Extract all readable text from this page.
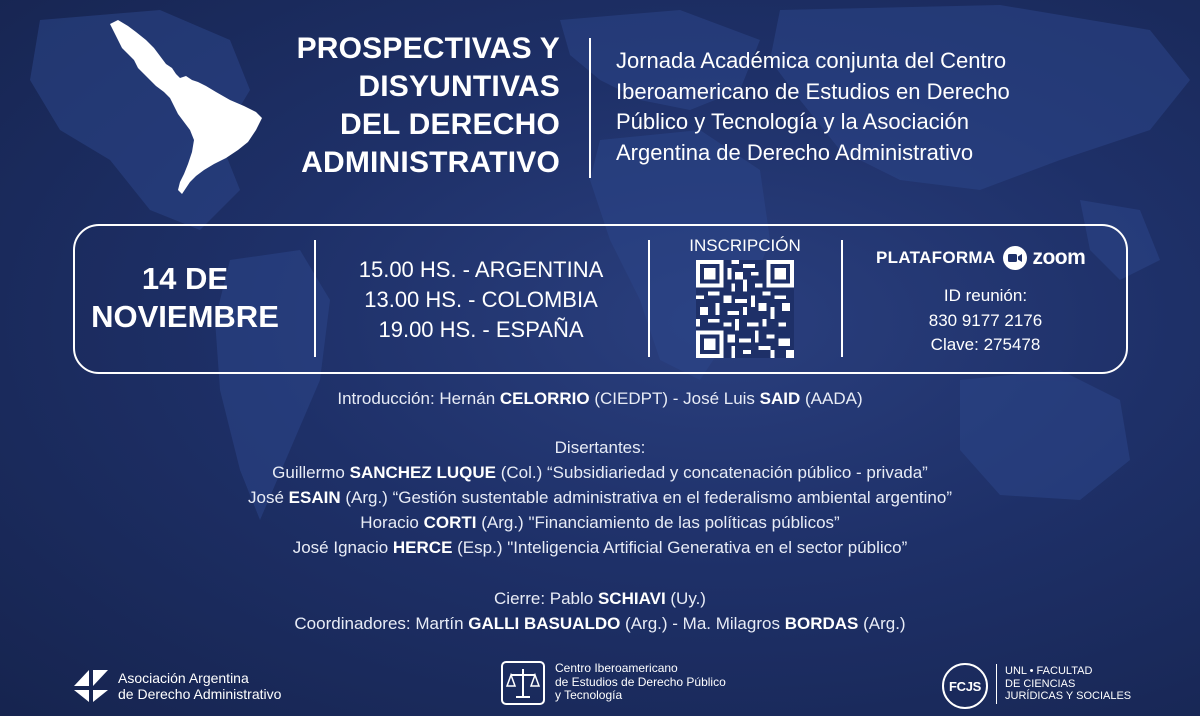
PROSPECTIVAS Y
DISYUNTIVAS
DEL DERECHO
ADMINISTRATIVO
Jornada Académica conjunta del Centro
Iberoamericano de Estudios en Derecho
Público y Tecnología y la Asociación
Argentina de Derecho Administrativo
14 DE
NOVIEMBRE
15.00 HS. - ARGENTINA
13.00 HS. - COLOMBIA
19.00 HS. - ESPAÑA
INSCRIPCIÓN
PLATAFORMA zoom
ID reunión:
830 9177 2176
Clave: 275478
Introducción: Hernán CELORRIO (CIEDPT) - José Luis SAID (AADA)
Disertantes:
Guillermo SANCHEZ LUQUE (Col.) “Subsidiariedad y concatenación público - privada”
José ESAIN (Arg.) “Gestión sustentable administrativa en el federalismo ambiental argentino”
Horacio CORTI (Arg.) "Financiamiento de las políticas públicos”
José Ignacio HERCE (Esp.) "Inteligencia Artificial Generativa en el sector público”
Cierre: Pablo SCHIAVI (Uy.)
Coordinadores: Martín GALLI BASUALDO (Arg.) - Ma. Milagros BORDAS (Arg.)
Asociación Argentina
de Derecho Administrativo
Centro Iberoamericano
de Estudios de Derecho Público
y Tecnología
FCJS
UNL • FACULTAD
DE CIENCIAS
JURÍDICAS Y SOCIALES
